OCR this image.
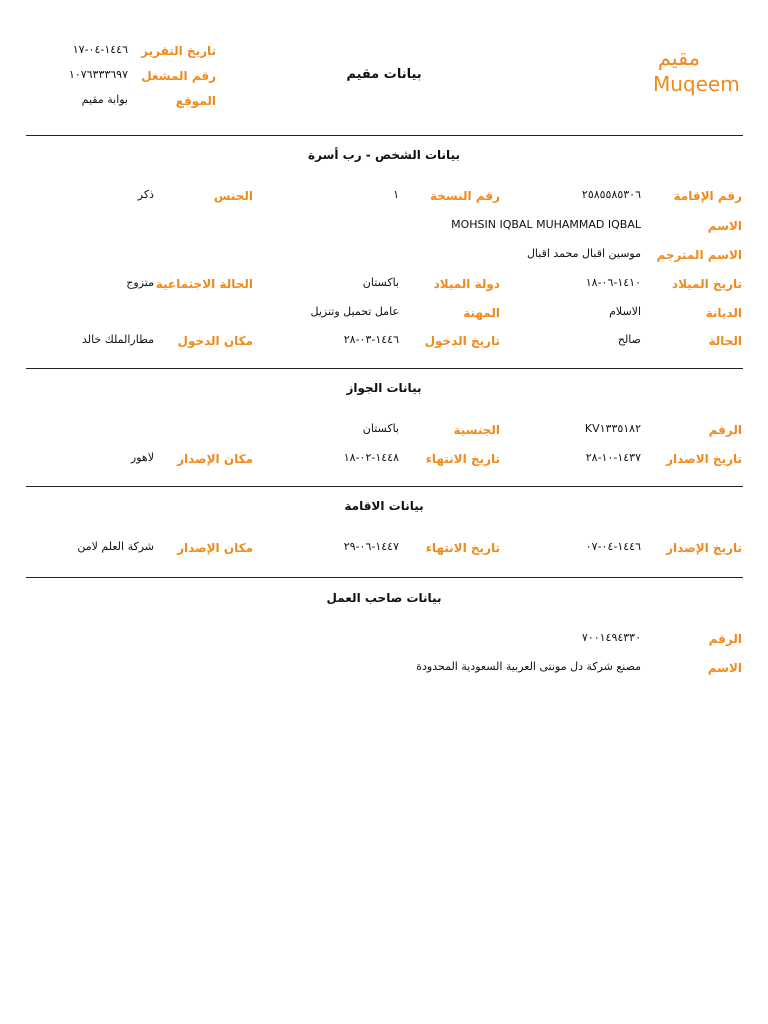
مقيم
Muqeem
بيانات مقيم
تاريخ التقرير
١٤٤٦-٠٤-١٧
رقم المشغل
١٠٧٦٣٣٣٦٩٧
الموقع
بوابة مقيم
بيانات الشخص - رب أسرة
رقم الإقامة
٢٥٨٥٥٨٥٣٠٦
رقم النسخة
١
الجنس
ذكر
الاسم
MOHSIN IQBAL MUHAMMAD IQBAL
الاسم المترجم
موسين اقبال محمد اقبال
تاريخ الميلاد
١٤١٠-٠٦-١٨
دولة الميلاد
باكستان
الحالة الاجتماعية
متزوج
الديانة
الاسلام
المهنة
عامل تحميل وتنزيل
الحالة
صالح
تاريخ الدخول
١٤٤٦-٠٣-٢٨
مكان الدخول
مطارالملك خالد
بيانات الجواز
الرقم
KV١٣٣٥١٨٢
الجنسية
باكستان
تاريخ الاصدار
١٤٣٧-١٠-٢٨
تاريخ الانتهاء
١٤٤٨-٠٢-١٨
مكان الإصدار
لاهور
بيانات الاقامة
تاريخ الإصدار
١٤٤٦-٠٤-٠٧
تاريخ الانتهاء
١٤٤٧-٠٦-٢٩
مكان الإصدار
شركة العلم لامن
بيانات صاحب العمل
الرقم
٧٠٠١٤٩٤٣٣٠
الاسم
مصنع شركة دل مونتى العربية السعودية المحدودة
